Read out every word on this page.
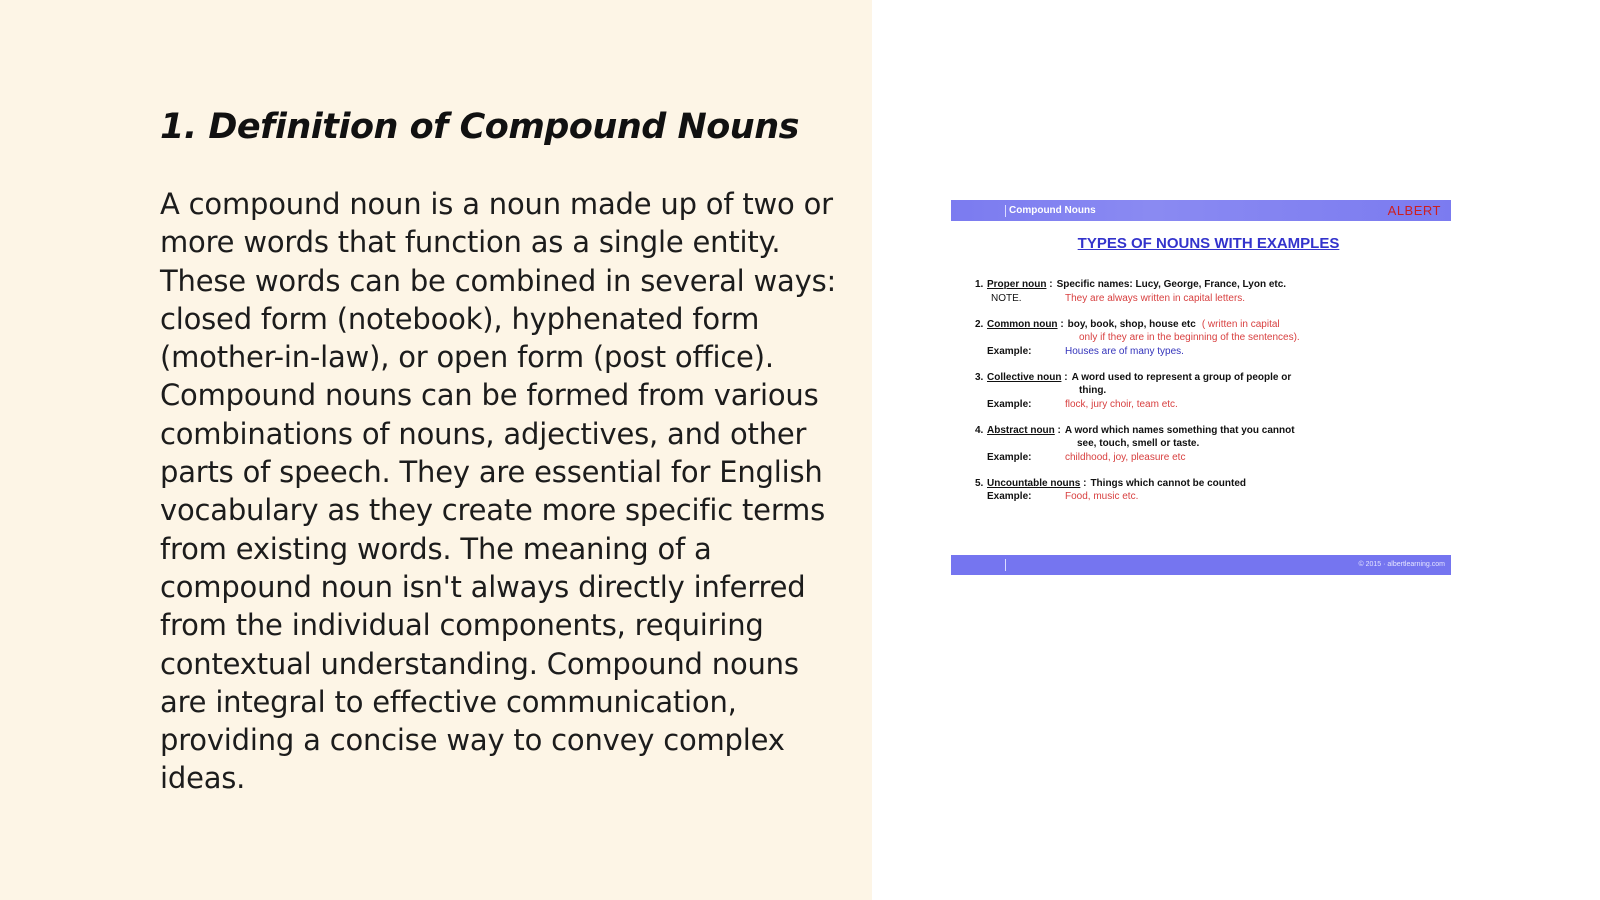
1. Definition of Compound Nouns

A compound noun is a noun made up of two or more words that function as a single entity. These words can be combined in several ways: closed form (notebook), hyphenated form (mother-in-law), or open form (post office). Compound nouns can be formed from various combinations of nouns, adjectives, and other parts of speech. They are essential for English vocabulary as they create more specific terms from existing words. The meaning of a compound noun isn't always directly inferred from the individual components, requiring contextual understanding. Compound nouns are integral to effective communication, providing a concise way to convey complex ideas.

Compound Nouns	ALBERT
TYPES OF NOUNS WITH EXAMPLES
1. Proper noun : Specific names: Lucy, George, France, Lyon etc.
NOTE.	They are always written in capital letters.
2. Common noun : boy, book, shop, house etc ( written in capital
only if they are in the beginning of the sentences).
Example:	Houses are of many types.
3. Collective noun : A word used to represent a group of people or
thing.
Example:	flock, jury choir, team etc.
4. Abstract noun : A word which names something that you cannot
see, touch, smell or taste.
Example:	childhood, joy, pleasure etc
5. Uncountable nouns : Things which cannot be counted
Example:	Food, music etc.
© 2015 · albertlearning.com
